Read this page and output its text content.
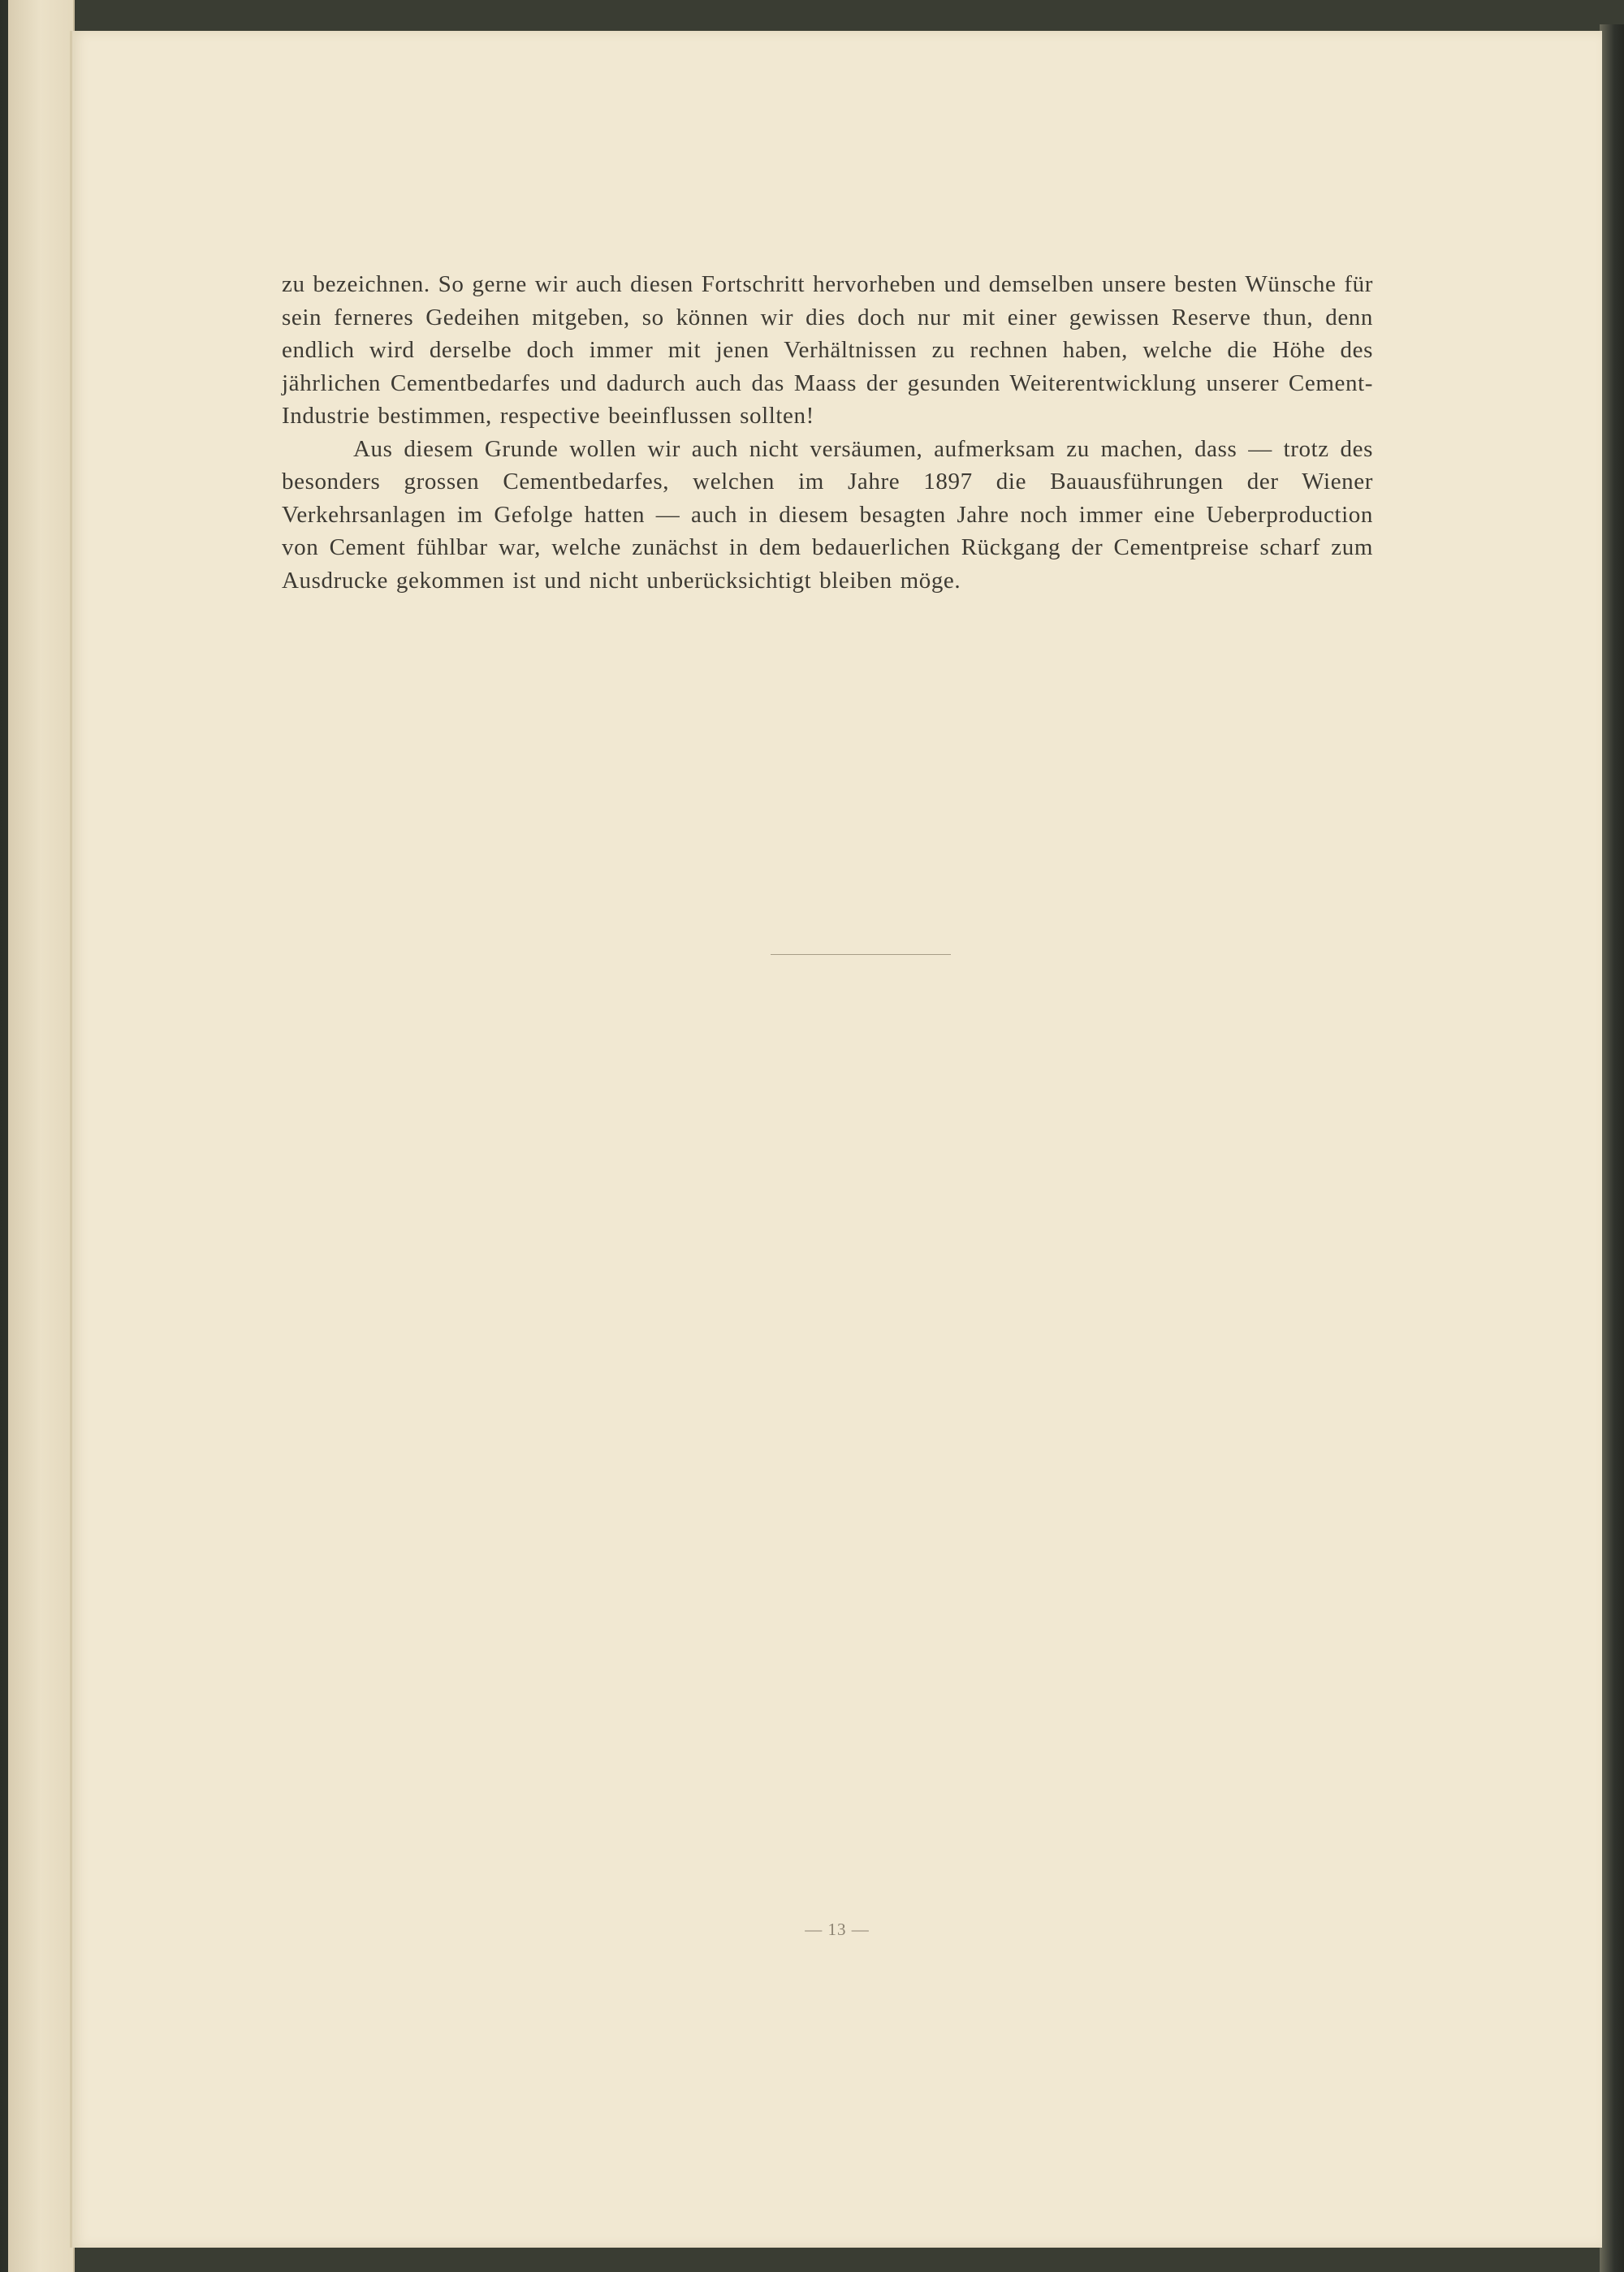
zu bezeichnen. So gerne wir auch diesen Fortschritt hervorheben und demselben unsere besten Wünsche für sein ferneres Gedeihen mitgeben, so können wir dies doch nur mit einer gewissen Reserve thun, denn endlich wird derselbe doch immer mit jenen Verhältnissen zu rechnen haben, welche die Höhe des jährlichen Cementbedarfes und dadurch auch das Maass der gesunden Weiterentwicklung unserer Cement-Industrie bestimmen, respective beeinflussen sollten!

Aus diesem Grunde wollen wir auch nicht versäumen, aufmerksam zu machen, dass — trotz des besonders grossen Cementbedarfes, welchen im Jahre 1897 die Bauausführungen der Wiener Verkehrsanlagen im Gefolge hatten — auch in diesem besagten Jahre noch immer eine Ueberproduction von Cement fühlbar war, welche zunächst in dem bedauerlichen Rückgang der Cementpreise scharf zum Ausdrucke gekommen ist und nicht unberücksichtigt bleiben möge.

— 13 —
